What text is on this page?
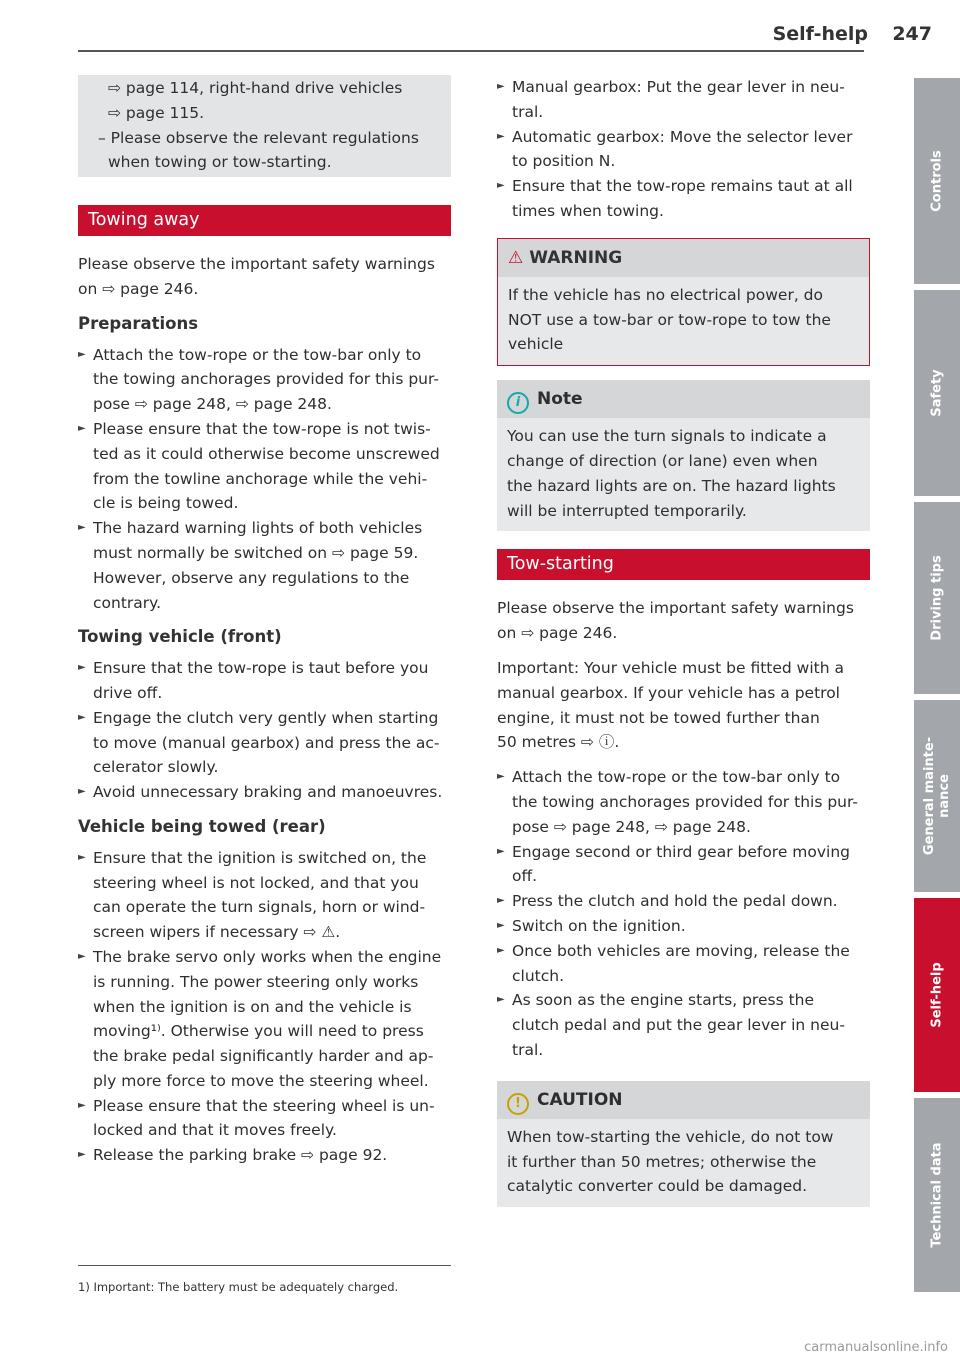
Self-help 247

⇨ page 114, right-hand drive vehicles

⇨ page 115.

– Please observe the relevant regulations

when towing or tow-starting.

Towing away

Please observe the important safety warnings

on ⇨ page 246.

Preparations

► Attach the tow-rope or the tow-bar only to

the towing anchorages provided for this pur-

pose ⇨ page 248, ⇨ page 248.

► Please ensure that the tow-rope is not twis-

ted as it could otherwise become unscrewed

from the towline anchorage while the vehi-

cle is being towed.

► The hazard warning lights of both vehicles

must normally be switched on ⇨ page 59.

However, observe any regulations to the

contrary.

Towing vehicle (front)

► Ensure that the tow-rope is taut before you

drive off.

► Engage the clutch very gently when starting

to move (manual gearbox) and press the ac-

celerator slowly.

► Avoid unnecessary braking and manoeuvres.

Vehicle being towed (rear)

► Ensure that the ignition is switched on, the

steering wheel is not locked, and that you

can operate the turn signals, horn or wind-

screen wipers if necessary ⇨ ⚠.

► The brake servo only works when the engine

is running. The power steering only works

when the ignition is on and the vehicle is

moving¹⁾. Otherwise you will need to press

the brake pedal significantly harder and ap-

ply more force to move the steering wheel.

► Please ensure that the steering wheel is un-

locked and that it moves freely.

► Release the parking brake ⇨ page 92.

1) Important: The battery must be adequately charged.

► Manual gearbox: Put the gear lever in neu-

tral.

► Automatic gearbox: Move the selector lever

to position N.

► Ensure that the tow-rope remains taut at all

times when towing.

⚠ WARNING

If the vehicle has no electrical power, do

NOT use a tow-bar or tow-rope to tow the

vehicle

i Note

You can use the turn signals to indicate a

change of direction (or lane) even when

the hazard lights are on. The hazard lights

will be interrupted temporarily.

Tow-starting

Please observe the important safety warnings

on ⇨ page 246.

Important: Your vehicle must be fitted with a

manual gearbox. If your vehicle has a petrol

engine, it must not be towed further than

50 metres ⇨ ⓘ.

► Attach the tow-rope or the tow-bar only to

the towing anchorages provided for this pur-

pose ⇨ page 248, ⇨ page 248.

► Engage second or third gear before moving

off.

► Press the clutch and hold the pedal down.

► Switch on the ignition.

► Once both vehicles are moving, release the

clutch.

► As soon as the engine starts, press the

clutch pedal and put the gear lever in neu-

tral.

! CAUTION

When tow-starting the vehicle, do not tow

it further than 50 metres; otherwise the

catalytic converter could be damaged.

Controls
Safety
Driving tips
General mainte- nance
Self-help
Technical data
carmanualsonline.info
